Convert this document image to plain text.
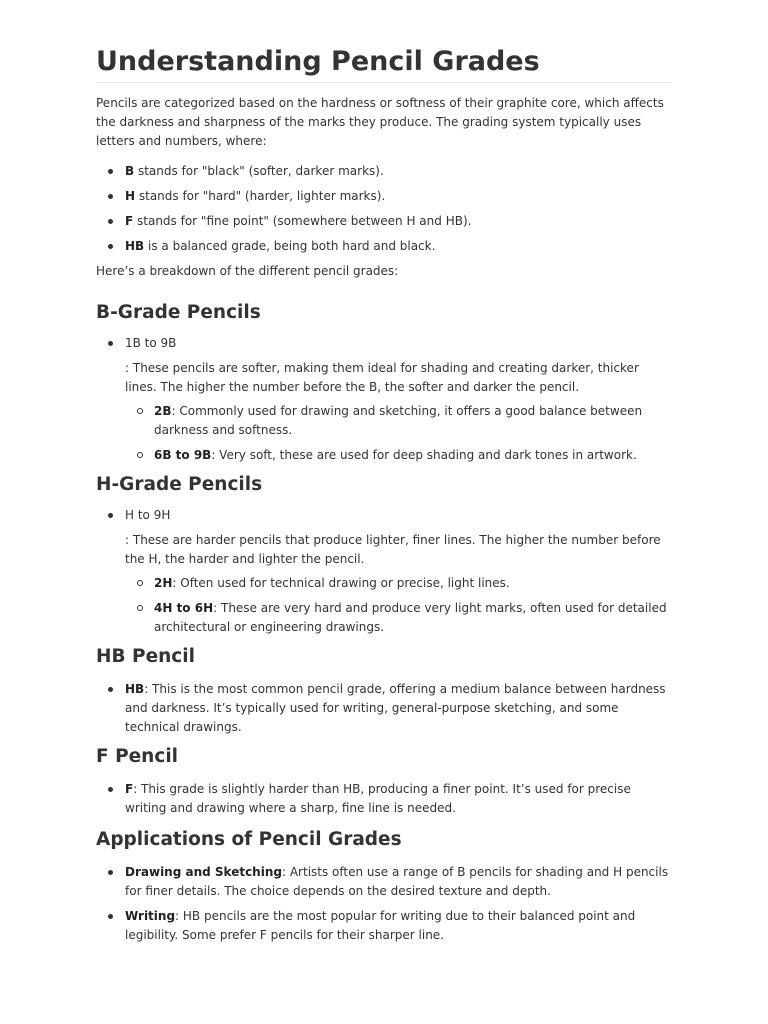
Understanding Pencil Grades

Pencils are categorized based on the hardness or softness of their graphite core, which affects the darkness and sharpness of the marks they produce. The grading system typically uses letters and numbers, where:

B stands for "black" (softer, darker marks).
H stands for "hard" (harder, lighter marks).
F stands for "fine point" (somewhere between H and HB).
HB is a balanced grade, being both hard and black.

Here’s a breakdown of the different pencil grades:

B-Grade Pencils
1B to 9B
: These pencils are softer, making them ideal for shading and creating darker, thicker lines. The higher the number before the B, the softer and darker the pencil.
2B: Commonly used for drawing and sketching, it offers a good balance between darkness and softness.
6B to 9B: Very soft, these are used for deep shading and dark tones in artwork.
H-Grade Pencils
H to 9H
: These are harder pencils that produce lighter, finer lines. The higher the number before the H, the harder and lighter the pencil.
2H: Often used for technical drawing or precise, light lines.
4H to 6H: These are very hard and produce very light marks, often used for detailed architectural or engineering drawings.
HB Pencil
HB: This is the most common pencil grade, offering a medium balance between hardness and darkness. It’s typically used for writing, general-purpose sketching, and some technical drawings.
F Pencil
F: This grade is slightly harder than HB, producing a finer point. It’s used for precise writing and drawing where a sharp, fine line is needed.
Applications of Pencil Grades
Drawing and Sketching: Artists often use a range of B pencils for shading and H pencils for finer details. The choice depends on the desired texture and depth.
Writing: HB pencils are the most popular for writing due to their balanced point and legibility. Some prefer F pencils for their sharper line.
